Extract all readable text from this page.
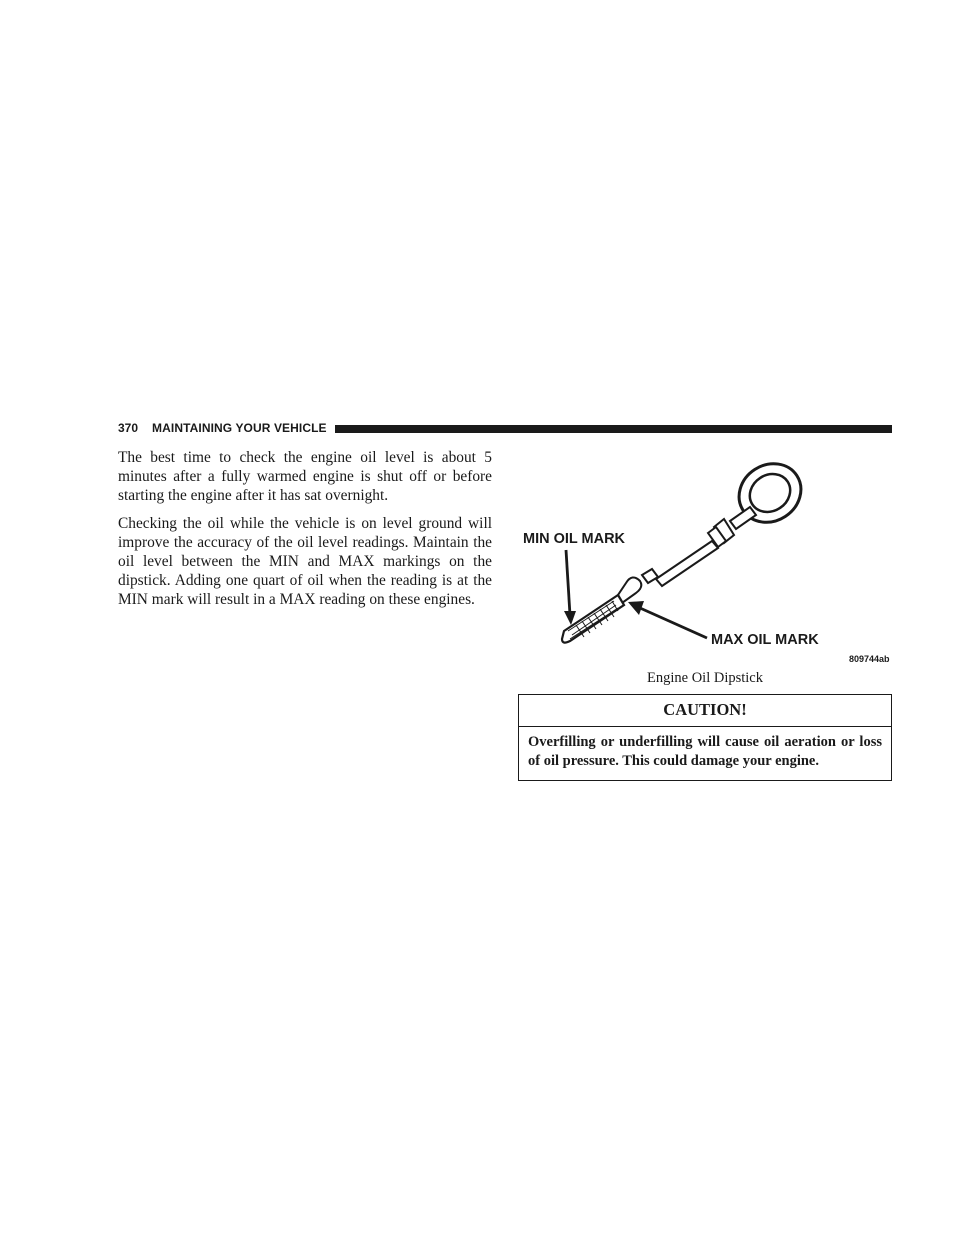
370 MAINTAINING YOUR VEHICLE

The best time to check the engine oil level is about 5 minutes after a fully warmed engine is shut off or before starting the engine after it has sat overnight.

Checking the oil while the vehicle is on level ground will improve the accuracy of the oil level readings. Maintain the oil level between the MIN and MAX markings on the dipstick. Adding one quart of oil when the reading is at the MIN mark will result in a MAX reading on these engines.

MIN OIL MARK
MAX OIL MARK
809744ab
Engine Oil Dipstick
CAUTION!
Overfilling or underfilling will cause oil aeration or loss of oil pressure. This could damage your engine.
